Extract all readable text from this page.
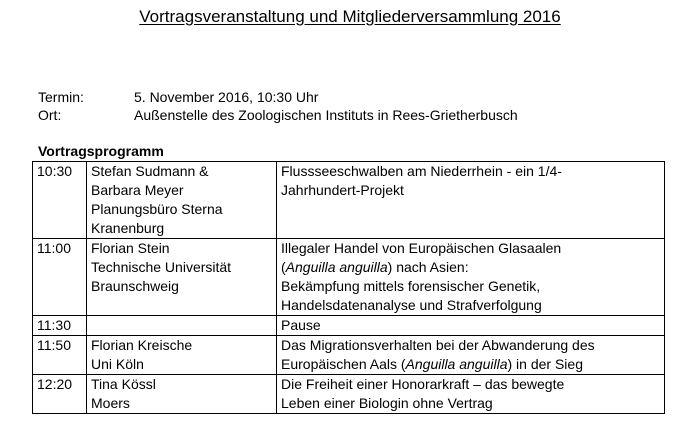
Vortragsveranstaltung und Mitgliederversammlung 2016
Termin:	5. November 2016, 10:30 Uhr
Ort:	Außenstelle des Zoologischen Instituts in Rees-Grietherbusch
Vortragsprogramm
10:30	Stefan Sudmann &
Barbara Meyer
Planungsbüro Sterna
Kranenburg	Flussseeschwalben am Niederrhein - ein 1/4-
Jahrhundert-Projekt

11:00	Florian Stein
Technische Universität
Braunschweig	Illegaler Handel von Europäischen Glasaalen
(Anguilla anguilla) nach Asien:
Bekämpfung mittels forensischer Genetik,
Handelsdatenanalyse und Strafverfolgung

11:30		Pause

11:50	Florian Kreische
Uni Köln	Das Migrationsverhalten bei der Abwanderung des
Europäischen Aals (Anguilla anguilla) in der Sieg

12:20	Tina Kössl
Moers	Die Freiheit einer Honorarkraft – das bewegte
Leben einer Biologin ohne Vertrag
